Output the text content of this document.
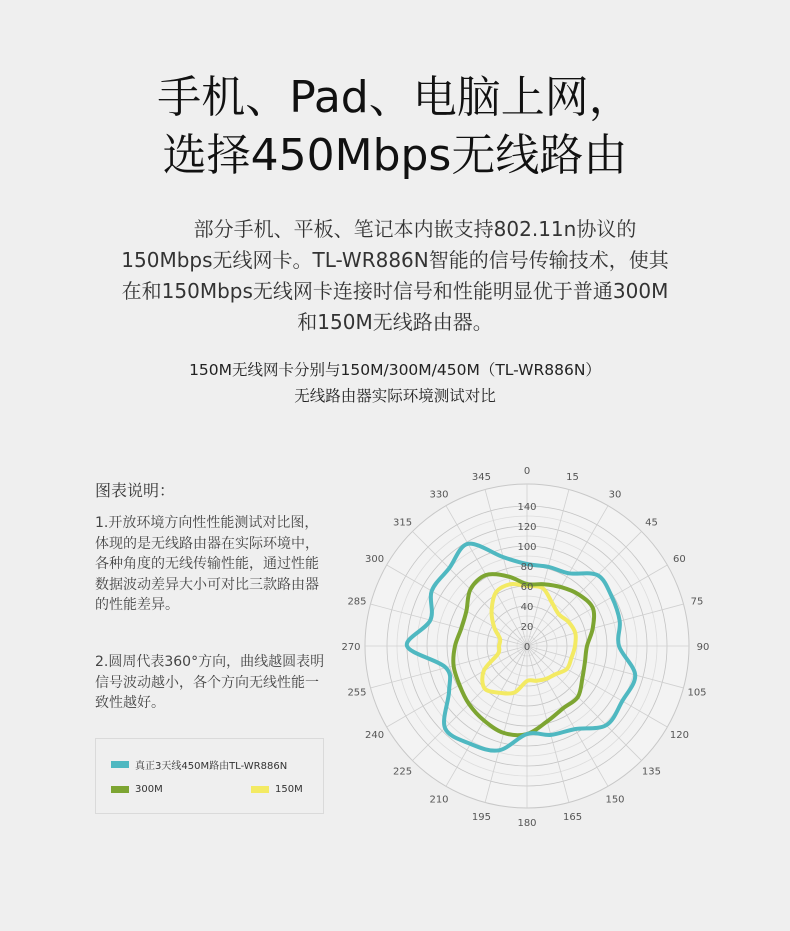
手机、Pad、电脑上网，
选择450Mbps无线路由
部分手机、平板、笔记本内嵌支持802.11n协议的
150Mbps无线网卡。TL-WR886N智能的信号传输技术，使其
在和150Mbps无线网卡连接时信号和性能明显优于普通300M
和150M无线路由器。
150M无线网卡分别与150M/300M/450M（TL-WR886N）
无线路由器实际环境测试对比
图表说明：
1.开放环境方向性性能测试对比图，体现的是无线路由器在实际环境中，各种角度的无线传输性能，通过性能数据波动差异大小可对比三款路由器的性能差异。
2.圆周代表360°方向，曲线越圆表明信号波动越小，各个方向无线性能一致性越好。
真正3天线450M路由TL-WR886N
300M	150M
0
20
40
60
80
100
120
140
0
15
30
45
60
75
90
105
120
135
150
165
180
195
210
225
240
255
270
285
300
315
330
345
